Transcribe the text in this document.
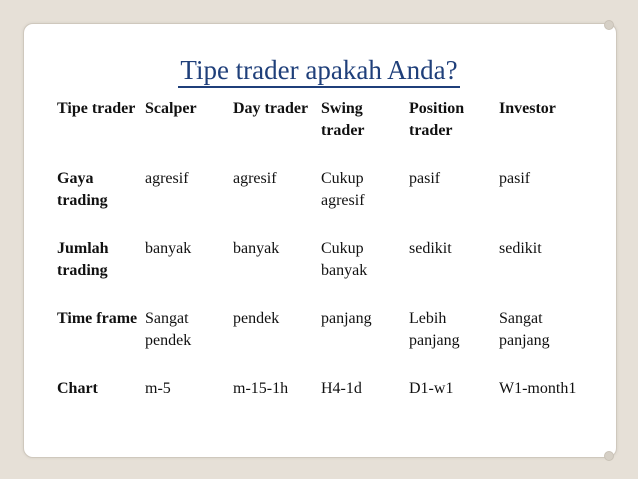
Tipe trader apakah Anda?
Tipe trader	Scalper	Day trader	Swing trader	Position trader	Investor
Gaya trading	agresif	agresif	Cukup agresif	pasif	pasif
Jumlah trading	banyak	banyak	Cukup banyak	sedikit	sedikit
Time frame	Sangat pendek	pendek	panjang	Lebih panjang	Sangat panjang
Chart	m-5	m-15-1h	H4-1d	D1-w1	W1-month1
